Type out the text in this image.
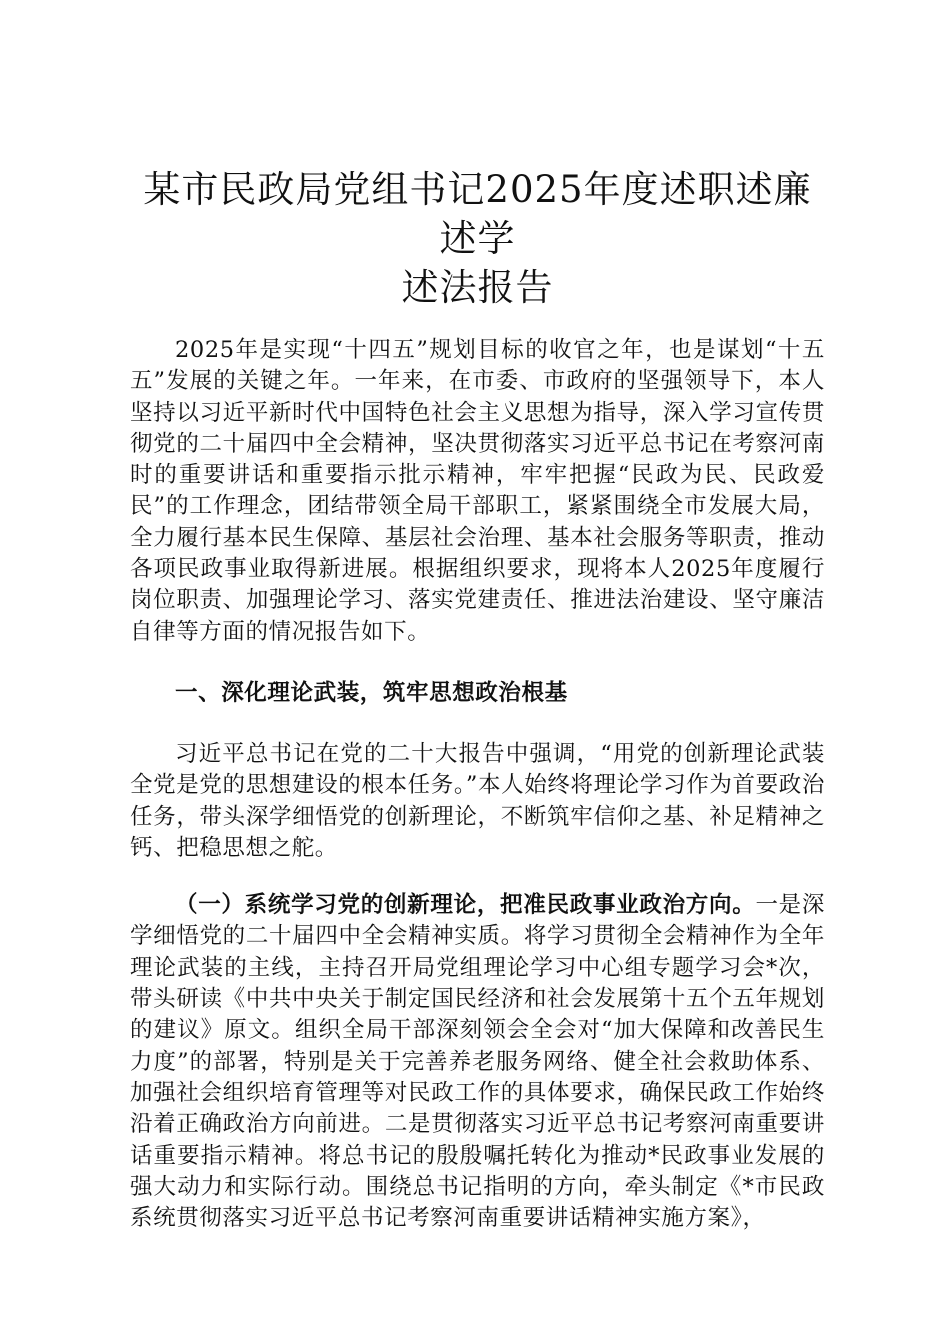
某市民政局党组书记2025年度述职述廉述学
述法报告

2025年是实现“十四五”规划目标的收官之年，也是谋划“十五五”发展的关键之年。一年来，在市委、市政府的坚强领导下，本人坚持以习近平新时代中国特色社会主义思想为指导，深入学习宣传贯彻党的二十届四中全会精神，坚决贯彻落实习近平总书记在考察河南时的重要讲话和重要指示批示精神，牢牢把握“民政为民、民政爱民”的工作理念，团结带领全局干部职工，紧紧围绕全市发展大局，全力履行基本民生保障、基层社会治理、基本社会服务等职责，推动各项民政事业取得新进展。根据组织要求，现将本人2025年度履行岗位职责、加强理论学习、落实党建责任、推进法治建设、坚守廉洁自律等方面的情况报告如下。

一、深化理论武装，筑牢思想政治根基

习近平总书记在党的二十大报告中强调，“用党的创新理论武装全党是党的思想建设的根本任务。”本人始终将理论学习作为首要政治任务，带头深学细悟党的创新理论，不断筑牢信仰之基、补足精神之钙、把稳思想之舵。

（一）系统学习党的创新理论，把准民政事业政治方向。一是深学细悟党的二十届四中全会精神实质。将学习贯彻全会精神作为全年理论武装的主线，主持召开局党组理论学习中心组专题学习会*次，带头研读《中共中央关于制定国民经济和社会发展第十五个五年规划的建议》原文。组织全局干部深刻领会全会对“加大保障和改善民生力度”的部署，特别是关于完善养老服务网络、健全社会救助体系、加强社会组织培育管理等对民政工作的具体要求，确保民政工作始终沿着正确政治方向前进。二是贯彻落实习近平总书记考察河南重要讲话重要指示精神。将总书记的殷殷嘱托转化为推动*民政事业发展的强大动力和实际行动。围绕总书记指明的方向，牵头制定《*市民政系统贯彻落实习近平总书记考察河南重要讲话精神实施方案》，
